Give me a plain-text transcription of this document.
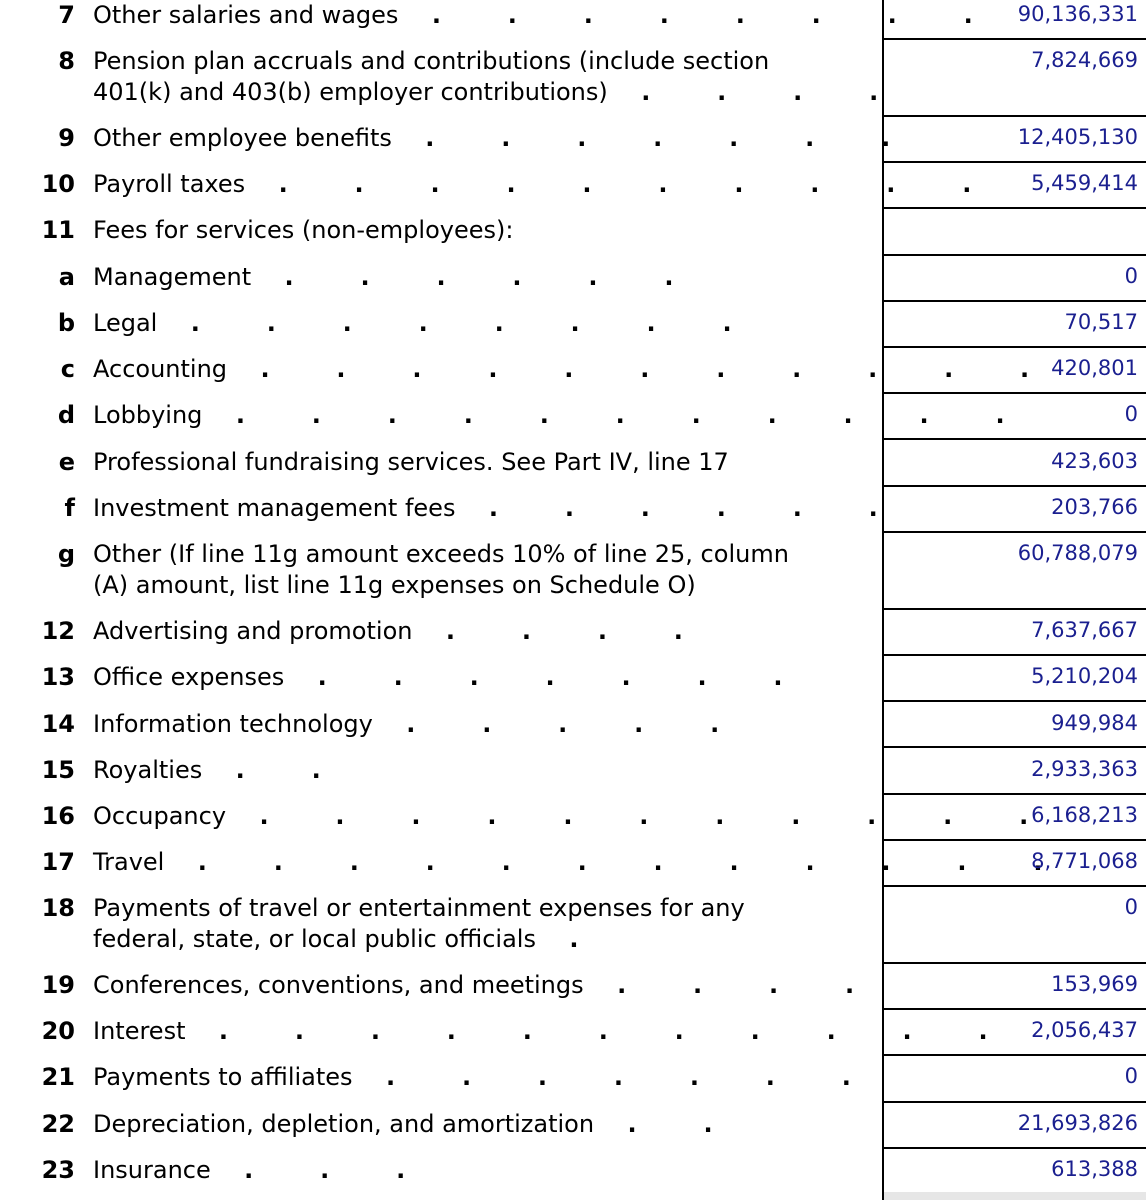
7 Other salaries and wages    .        .        .        .        .        .        .        .	90,136,331
8 Pension plan accruals and contributions (include section
401(k) and 403(b) employer contributions)    .        .        .        .
7,824,669
9 Other employee benefits    .        .        .        .        .        .        .	12,405,130
10 Payroll taxes    .        .        .        .        .        .        .        .        .        .	5,459,414
11 Fees for services (non-employees):
a Management    .        .        .        .        .        .	0
b Legal    .        .        .        .        .        .        .        .	70,517
c Accounting    .        .        .        .        .        .        .        .        .        .        .	420,801
d Lobbying    .        .        .        .        .        .        .        .        .        .        .	0
e Professional fundraising services. See Part IV, line 17	423,603
f Investment management fees    .        .        .        .        .        .	203,766
g Other (If line 11g amount exceeds 10% of line 25, column
(A) amount, list line 11g expenses on Schedule O)
60,788,079
12 Advertising and promotion    .        .        .        .	7,637,667
13 Office expenses    .        .        .        .        .        .        .	5,210,204
14 Information technology    .        .        .        .        .	949,984
15 Royalties    .        .	2,933,363
16 Occupancy    .        .        .        .        .        .        .        .        .        .        . 6,168,213
17 Travel    .        .        .        .        .        .        .        .        .        .        .        .
8,771,068
18 Payments of travel or entertainment expenses for any
federal, state, or local public officials    .
0
19 Conferences, conventions, and meetings    .        .        .        .	153,969
20 Interest    .        .        .        .        .        .        .        .        .        .        .	2,056,437
21 Payments to affiliates    .        .        .        .        .        .        .	0
22 Depreciation, depletion, and amortization    .        .	21,693,826
23 Insurance    .        .        .	613,388
